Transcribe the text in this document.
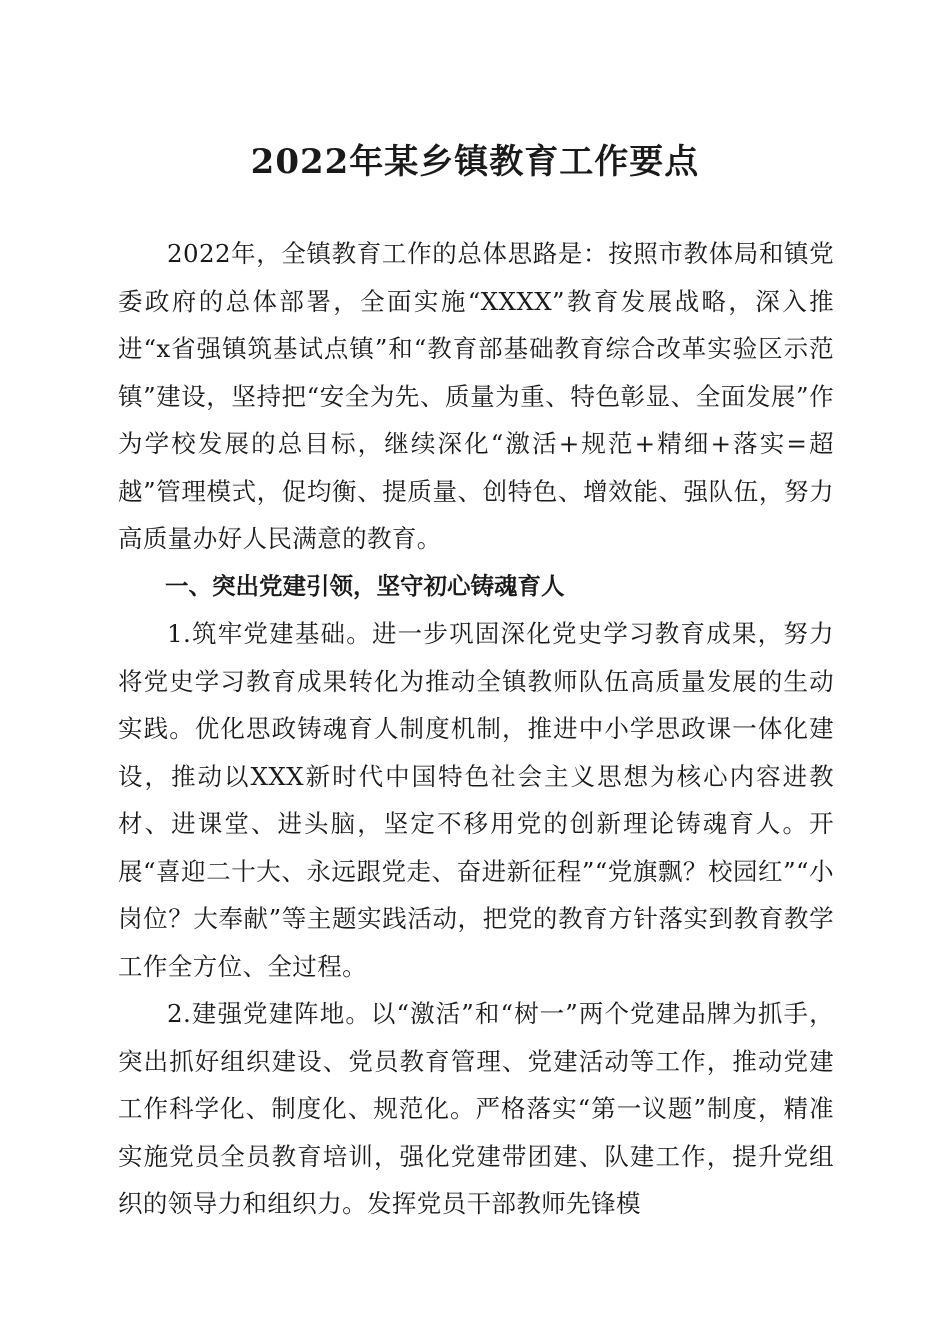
2022年某乡镇教育工作要点

2022年，全镇教育工作的总体思路是：按照市教体局和镇党委政府的总体部署，全面实施“XXXX”教育发展战略，深入推进“x省强镇筑基试点镇”和“教育部基础教育综合改革实验区示范镇”建设，坚持把“安全为先、质量为重、特色彰显、全面发展”作为学校发展的总目标，继续深化“激活+规范+精细+落实=超越”管理模式，促均衡、提质量、创特色、增效能、强队伍，努力高质量办好人民满意的教育。

一、突出党建引领，坚守初心铸魂育人

1.筑牢党建基础。进一步巩固深化党史学习教育成果，努力将党史学习教育成果转化为推动全镇教师队伍高质量发展的生动实践。优化思政铸魂育人制度机制，推进中小学思政课一体化建设，推动以XXX新时代中国特色社会主义思想为核心内容进教材、进课堂、进头脑，坚定不移用党的创新理论铸魂育人。开展“喜迎二十大、永远跟党走、奋进新征程”“党旗飘？校园红”“小岗位？大奉献”等主题实践活动，把党的教育方针落实到教育教学工作全方位、全过程。

2.建强党建阵地。以“激活”和“树一”两个党建品牌为抓手，突出抓好组织建设、党员教育管理、党建活动等工作，推动党建工作科学化、制度化、规范化。严格落实“第一议题”制度，精准实施党员全员教育培训，强化党建带团建、队建工作，提升党组织的领导力和组织力。发挥党员干部教师先锋模
